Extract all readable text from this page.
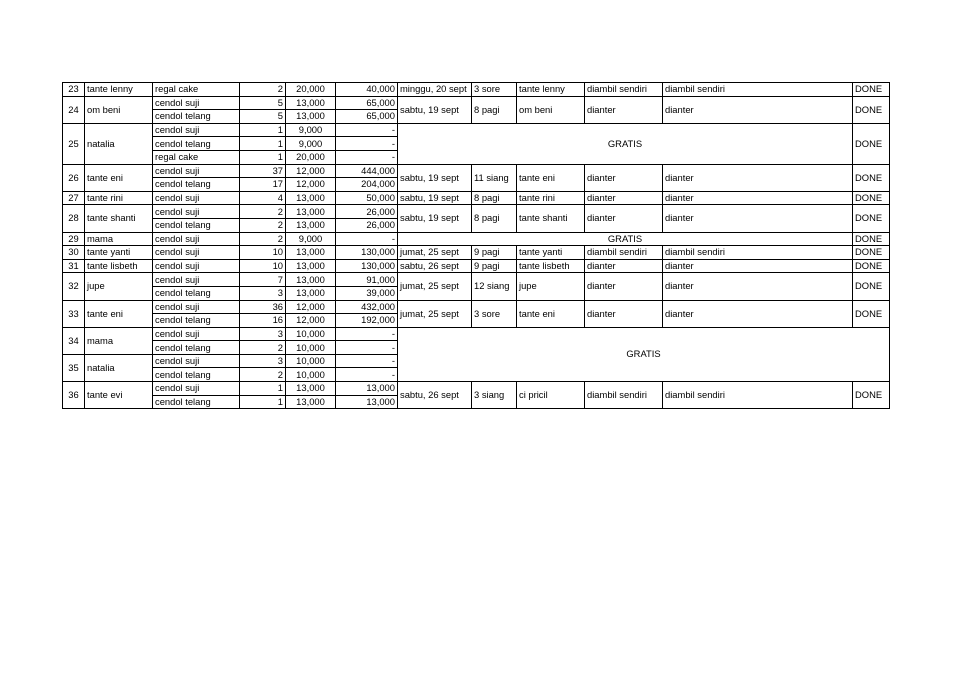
23	tante lenny	regal cake	2	20,000	40,000	minggu, 20 sept	3 sore	tante lenny	diambil sendiri	diambil sendiri	DONE
24	om beni	cendol suji	5	13,000	65,000	sabtu, 19 sept	8 pagi	om beni	dianter	dianter	DONE
		cendol telang	5	13,000	65,000						
25	natalia	cendol suji	1	9,000	-	GRATIS					DONE
		cendol telang	1	9,000	-						
		regal cake	1	20,000	-						
26	tante eni	cendol suji	37	12,000	444,000	sabtu, 19 sept	11 siang	tante eni	dianter	dianter	DONE
		cendol telang	17	12,000	204,000						
27	tante rini	cendol suji	4	13,000	50,000	sabtu, 19 sept	8 pagi	tante rini	dianter	dianter	DONE
28	tante shanti	cendol suji	2	13,000	26,000	sabtu, 19 sept	8 pagi	tante shanti	dianter	dianter	DONE
		cendol telang	2	13,000	26,000						
29	mama	cendol suji	2	9,000	-	GRATIS					DONE
30	tante yanti	cendol suji	10	13,000	130,000	jumat, 25 sept	9 pagi	tante yanti	diambil sendiri	diambil sendiri	DONE
31	tante lisbeth	cendol suji	10	13,000	130,000	sabtu, 26 sept	9 pagi	tante lisbeth	dianter	dianter	DONE
32	jupe	cendol suji	7	13,000	91,000	jumat, 25 sept	12 siang	jupe	dianter	dianter	DONE
		cendol telang	3	13,000	39,000						
33	tante eni	cendol suji	36	12,000	432,000	jumat, 25 sept	3 sore	tante eni	dianter	dianter	DONE
		cendol telang	16	12,000	192,000						
34	mama	cendol suji	3	10,000	-	GRATIS					
		cendol telang	2	10,000	-						
35	natalia	cendol suji	3	10,000	-						
		cendol telang	2	10,000	-						
36	tante evi	cendol suji	1	13,000	13,000	sabtu, 26 sept	3 siang	ci pricil	diambil sendiri	diambil sendiri	DONE
		cendol telang	1	13,000	13,000						
